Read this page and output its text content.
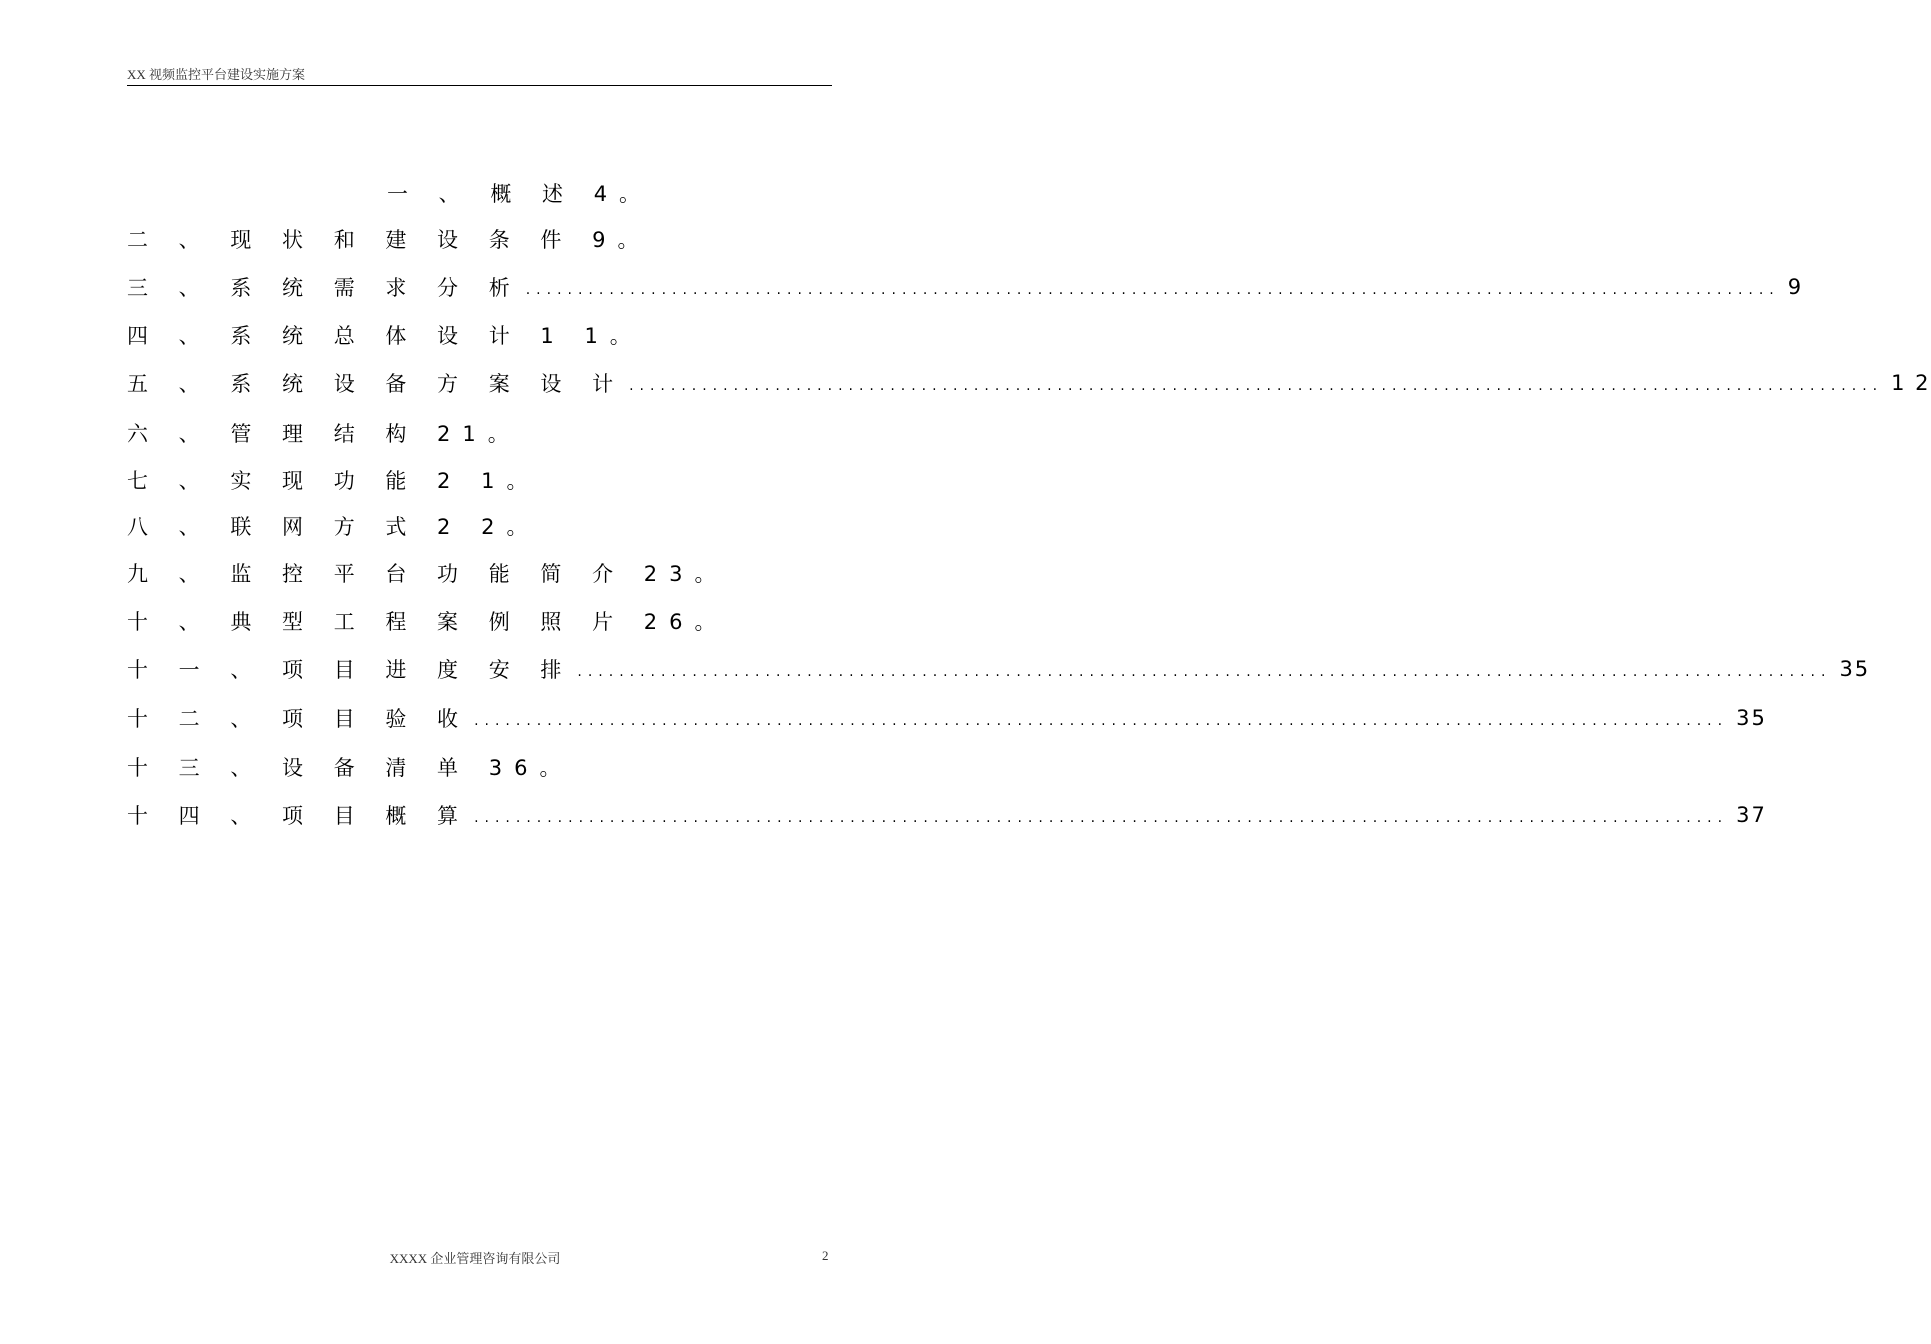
XX 视频监控平台建设实施方案
一 、 概 述 4。
二 、 现 状 和 建 设 条 件 9。
三 、 系 统 需 求 分 析 ........................................................................................................................ 9
四 、 系 统 总 体 设 计 1 1。
五 、 系 统 设 备 方 案 设 计 ........................................................................................................................ 1 2
六 、 管 理 结 构 21。
七 、 实 现 功 能 2 1。
八 、 联 网 方 式 2 2。
九 、 监 控 平 台 功 能 简 介 23。
十 、 典 型 工 程 案 例 照 片 26。
十 一 、 项 目 进 度 安 排 ........................................................................................................................ 35
十 二 、 项 目 验 收 ........................................................................................................................ 35
十 三 、 设 备 清 单 36。
十 四 、 项 目 概 算 ........................................................................................................................ 37
XXXX 企业管理咨询有限公司	2
